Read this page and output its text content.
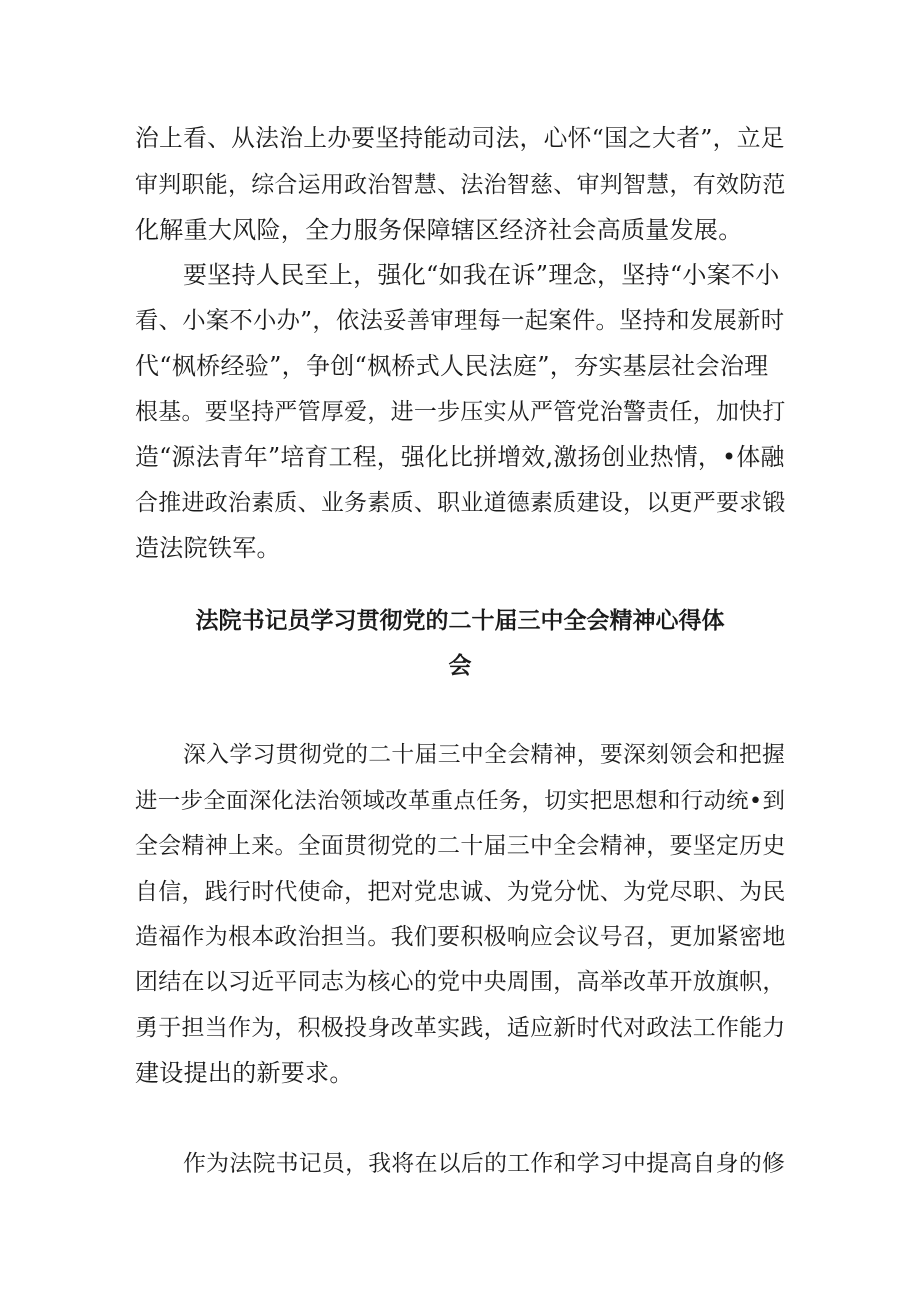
治上看、从法治上办要坚持能动司法，心怀“国之大者”，立足
审判职能，综合运用政治智慧、法治智慈、审判智慧，有效防范
化解重大风险，全力服务保障辖区经济社会高质量发展。
要坚持人民至上，强化“如我在诉”理念，坚持“小案不小
看、小案不小办”，依法妥善审理每一起案件。坚持和发展新时
代“枫桥经验”，争创“枫桥式人民法庭”，夯实基层社会治理
根基。要坚持严管厚爱，进一步压实从严管党治警责任，加快打
造“源法青年”培育工程，强化比拼增效,激扬创业热情，•体融
合推进政治素质、业务素质、职业道德素质建设，以更严要求锻
造法院铁军。
法院书记员学习贯彻党的二十届三中全会精神心得体
会
深入学习贯彻党的二十届三中全会精神，要深刻领会和把握
进一步全面深化法治领域改革重点任务，切实把思想和行动统•到
全会精神上来。全面贯彻党的二十届三中全会精神，要坚定历史
自信，践行时代使命，把对党忠诚、为党分忧、为党尽职、为民
造福作为根本政治担当。我们要积极响应会议号召，更加紧密地
团结在以习近平同志为核心的党中央周围，高举改革开放旗帜，
勇于担当作为，积极投身改革实践，适应新时代对政法工作能力
建设提出的新要求。
作为法院书记员，我将在以后的工作和学习中提高自身的修
